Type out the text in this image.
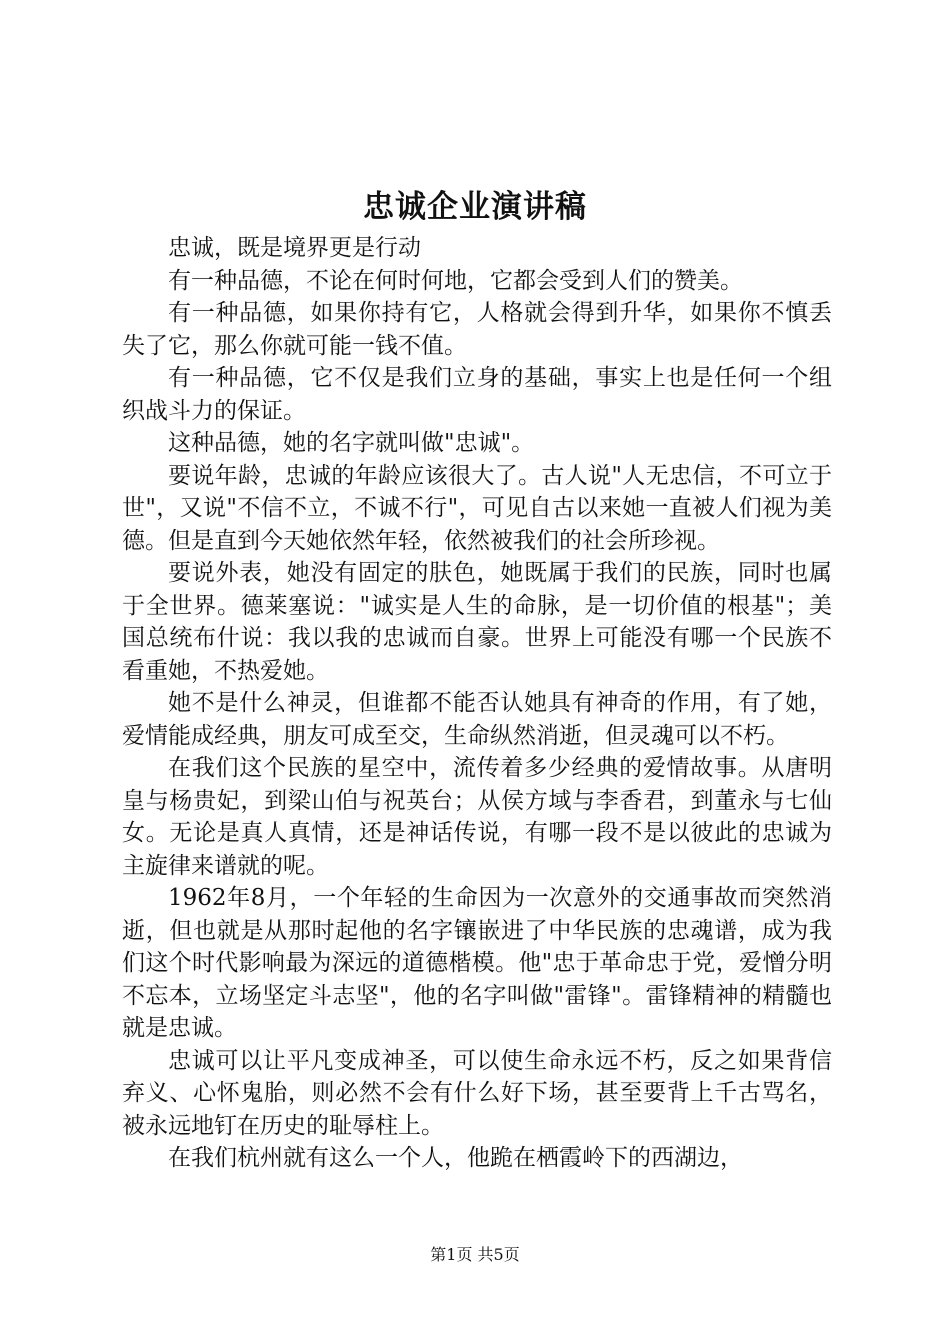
忠诚企业演讲稿

忠诚，既是境界更是行动

有一种品德，不论在何时何地，它都会受到人们的赞美。

有一种品德，如果你持有它，人格就会得到升华，如果你不慎丢失了它，那么你就可能一钱不值。

有一种品德，它不仅是我们立身的基础，事实上也是任何一个组织战斗力的保证。

这种品德，她的名字就叫做"忠诚"。

要说年龄，忠诚的年龄应该很大了。古人说"人无忠信，不可立于世"，又说"不信不立，不诚不行"，可见自古以来她一直被人们视为美德。但是直到今天她依然年轻，依然被我们的社会所珍视。

要说外表，她没有固定的肤色，她既属于我们的民族，同时也属于全世界。德莱塞说："诚实是人生的命脉，是一切价值的根基"；美国总统布什说：我以我的忠诚而自豪。世界上可能没有哪一个民族不看重她，不热爱她。

她不是什么神灵，但谁都不能否认她具有神奇的作用，有了她，爱情能成经典，朋友可成至交，生命纵然消逝，但灵魂可以不朽。

在我们这个民族的星空中，流传着多少经典的爱情故事。从唐明皇与杨贵妃，到梁山伯与祝英台；从侯方域与李香君，到董永与七仙女。无论是真人真情，还是神话传说，有哪一段不是以彼此的忠诚为主旋律来谱就的呢。

1962年8月，一个年轻的生命因为一次意外的交通事故而突然消逝，但也就是从那时起他的名字镶嵌进了中华民族的忠魂谱，成为我们这个时代影响最为深远的道德楷模。他"忠于革命忠于党，爱憎分明不忘本，立场坚定斗志坚"，他的名字叫做"雷锋"。雷锋精神的精髓也就是忠诚。

忠诚可以让平凡变成神圣，可以使生命永远不朽，反之如果背信弃义、心怀鬼胎，则必然不会有什么好下场，甚至要背上千古骂名，被永远地钉在历史的耻辱柱上。

在我们杭州就有这么一个人，他跪在栖霞岭下的西湖边，

第1页 共5页
